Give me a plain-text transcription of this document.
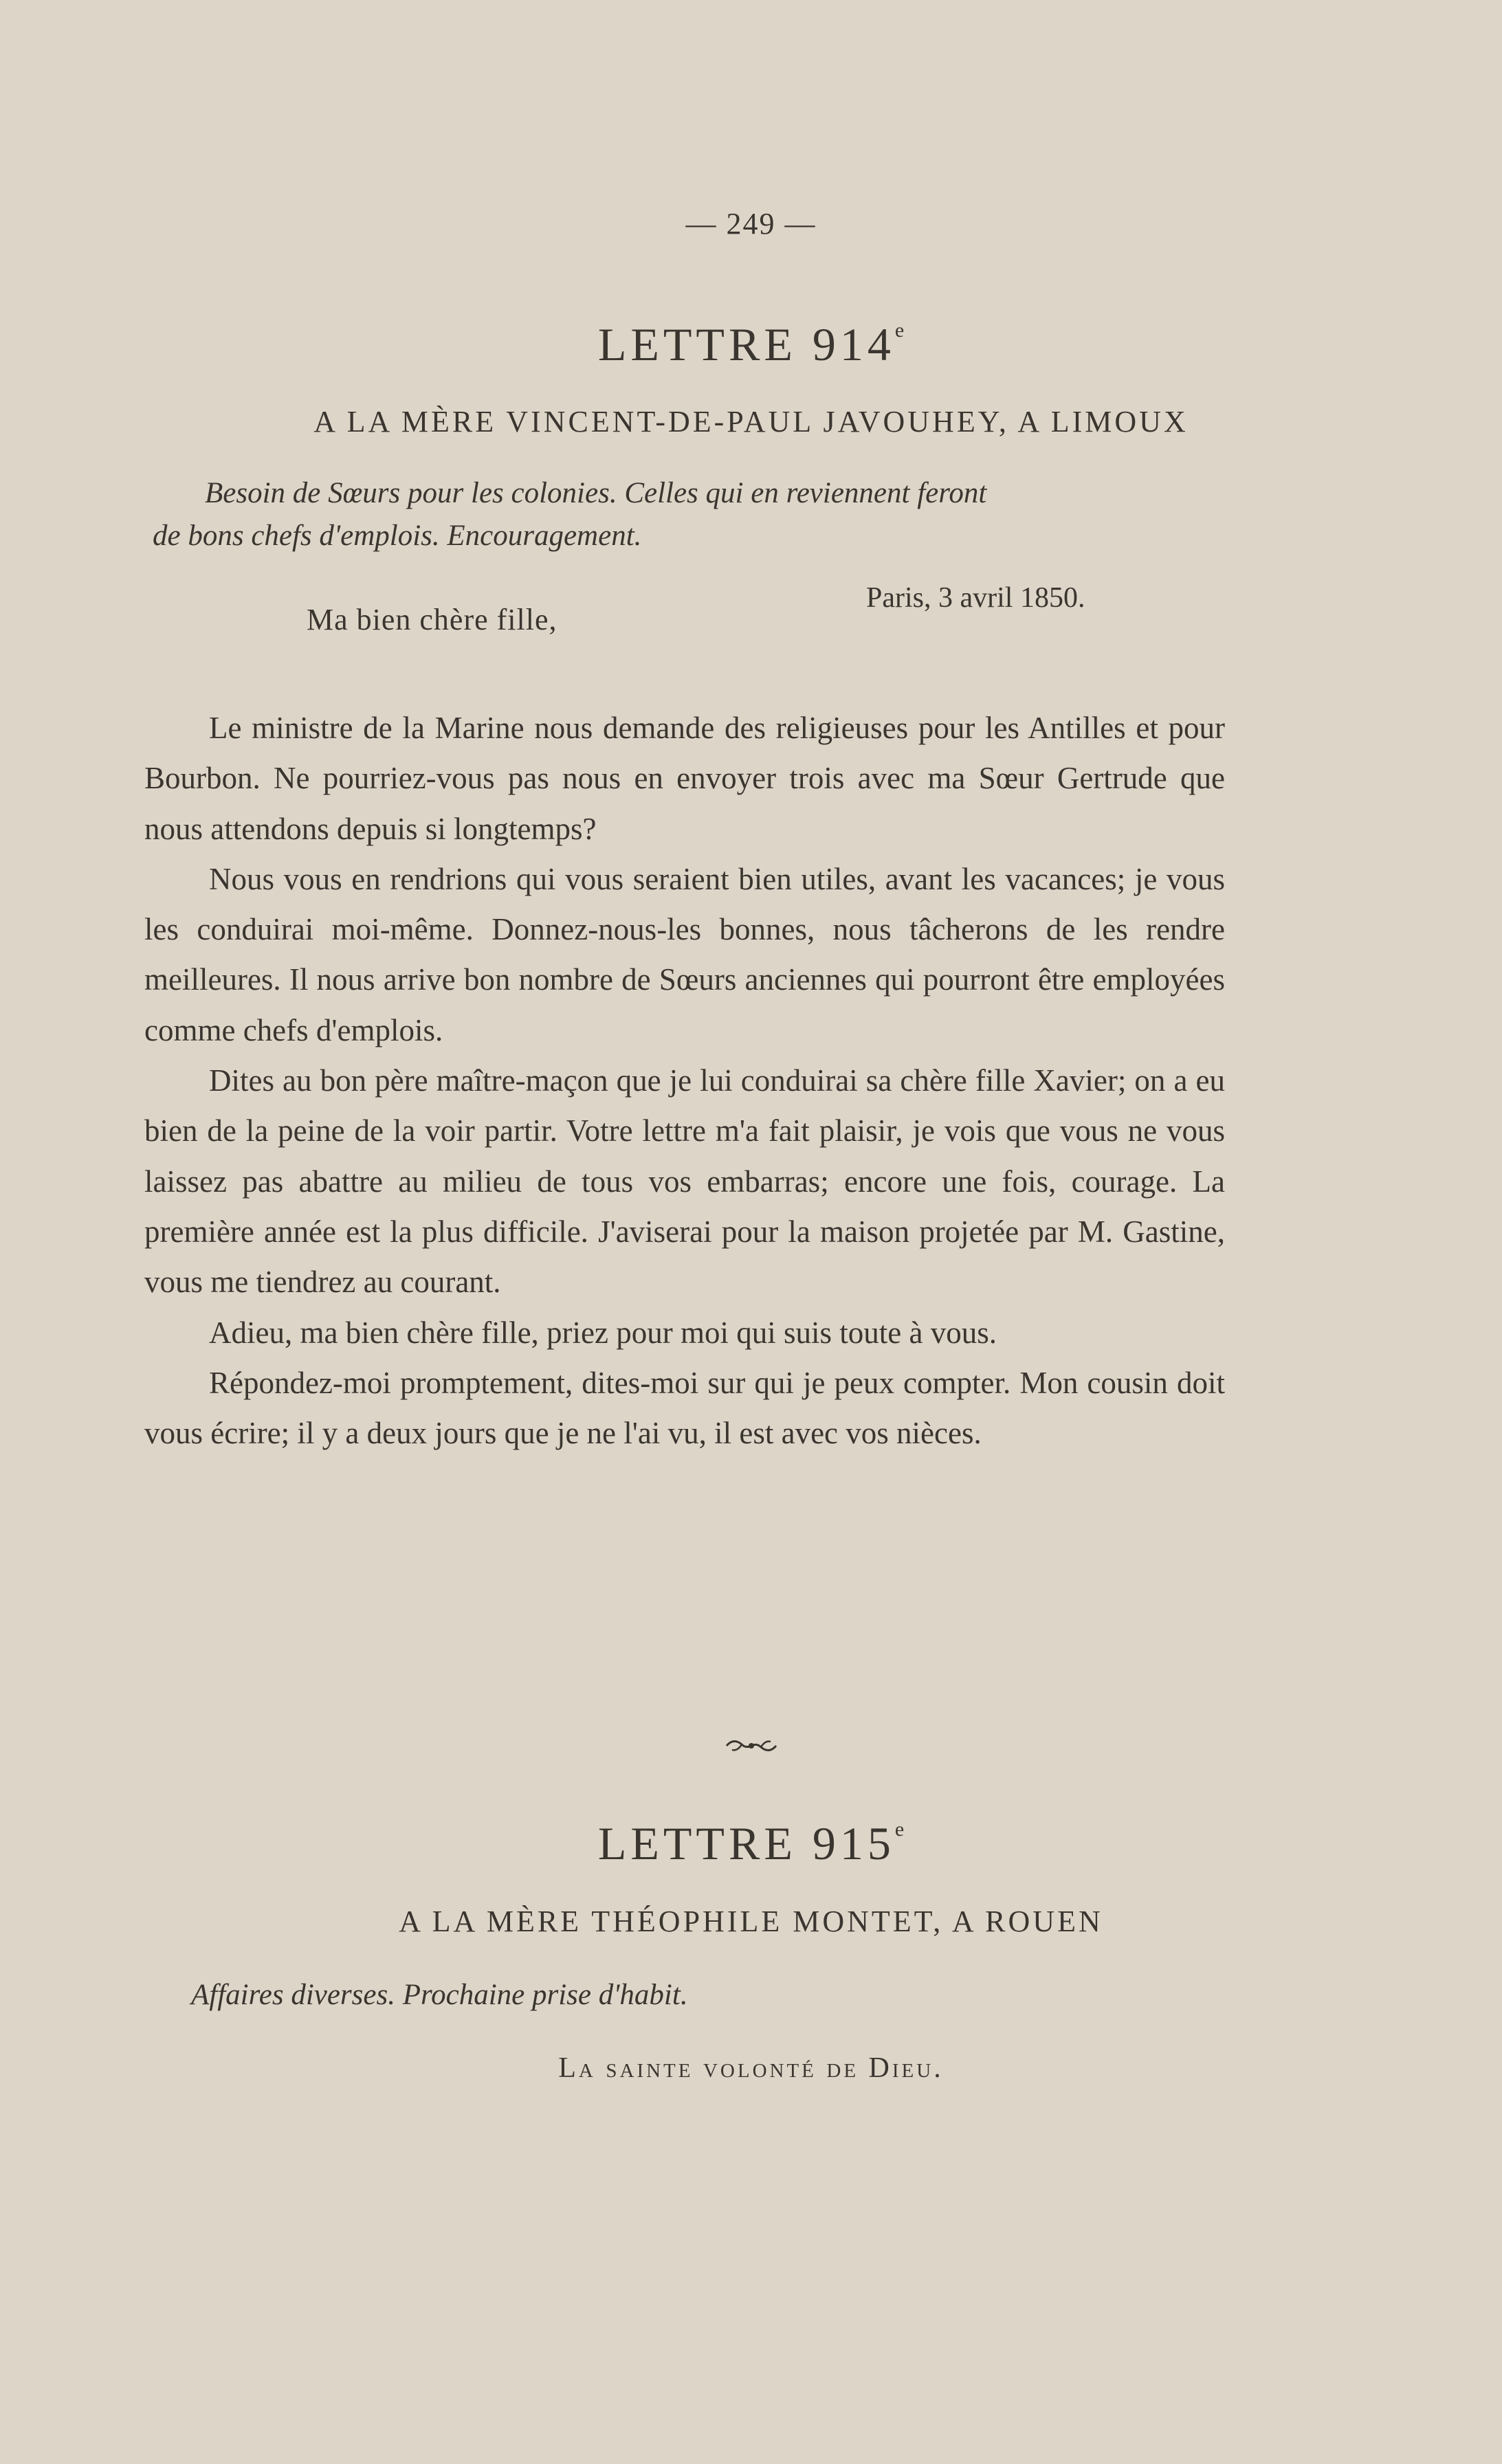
— 249 —
LETTRE 914e
A LA MÈRE VINCENT-DE-PAUL JAVOUHEY, A LIMOUX
Besoin de Sœurs pour les colonies. Celles qui en reviennent feront
de bons chefs d'emplois. Encouragement.
Paris, 3 avril 1850.
Ma bien chère fille,

Le ministre de la Marine nous demande des religieuses pour les Antilles et pour Bourbon. Ne pourriez-vous pas nous en envoyer trois avec ma Sœur Gertrude que nous attendons depuis si longtemps?

Nous vous en rendrions qui vous seraient bien utiles, avant les vacances; je vous les conduirai moi-même. Donnez-nous-les bonnes, nous tâcherons de les rendre meilleures. Il nous arrive bon nombre de Sœurs anciennes qui pourront être employées comme chefs d'emplois.

Dites au bon père maître-maçon que je lui conduirai sa chère fille Xavier; on a eu bien de la peine de la voir partir. Votre lettre m'a fait plaisir, je vois que vous ne vous laissez pas abattre au milieu de tous vos embarras; encore une fois, courage. La première année est la plus difficile. J'aviserai pour la maison projetée par M. Gastine, vous me tiendrez au courant.

Adieu, ma bien chère fille, priez pour moi qui suis toute à vous.

Répondez-moi promptement, dites-moi sur qui je peux compter. Mon cousin doit vous écrire; il y a deux jours que je ne l'ai vu, il est avec vos nièces.

LETTRE 915e
A LA MÈRE THÉOPHILE MONTET, A ROUEN
Affaires diverses. Prochaine prise d'habit.
La sainte volonté de Dieu.
